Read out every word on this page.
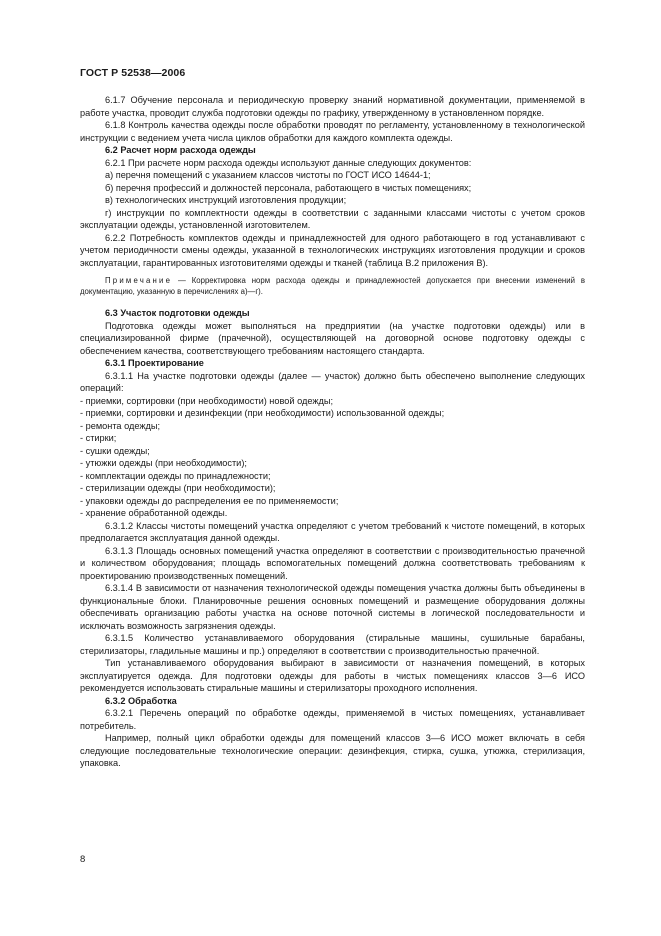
ГОСТ Р 52538—2006

6.1.7 Обучение персонала и периодическую проверку знаний нормативной документации, применяемой в работе участка, проводит служба подготовки одежды по графику, утвержденному в установленном порядке.

6.1.8 Контроль качества одежды после обработки проводят по регламенту, установленному в технологической инструкции с ведением учета числа циклов обработки для каждого комплекта одежды.

6.2 Расчет норм расхода одежды

6.2.1 При расчете норм расхода одежды используют данные следующих документов:

а) перечня помещений с указанием классов чистоты по ГОСТ ИСО 14644-1;

б) перечня профессий и должностей персонала, работающего в чистых помещениях;

в) технологических инструкций изготовления продукции;

г) инструкции по комплектности одежды в соответствии с заданными классами чистоты с учетом сроков эксплуатации одежды, установленной изготовителем.

6.2.2 Потребность комплектов одежды и принадлежностей для одного работающего в год устанавливают с учетом периодичности смены одежды, указанной в технологических инструкциях изготовления продукции и сроков эксплуатации, гарантированных изготовителями одежды и тканей (таблица В.2 приложения В).

Примечание — Корректировка норм расхода одежды и принадлежностей допускается при внесении изменений в документацию, указанную в перечислениях а)—г).

6.3 Участок подготовки одежды

Подготовка одежды может выполняться на предприятии (на участке подготовки одежды) или в специализированной фирме (прачечной), осуществляющей на договорной основе подготовку одежды с обеспечением качества, соответствующего требованиям настоящего стандарта.

6.3.1 Проектирование

6.3.1.1 На участке подготовки одежды (далее — участок) должно быть обеспечено выполнение следующих операций:

- приемки, сортировки (при необходимости) новой одежды;

- приемки, сортировки и дезинфекции (при необходимости) использованной одежды;

- ремонта одежды;

- стирки;

- сушки одежды;

- утюжки одежды (при необходимости);

- комплектации одежды по принадлежности;

- стерилизации одежды (при необходимости);

- упаковки одежды до распределения ее по применяемости;

- хранение обработанной одежды.

6.3.1.2 Классы чистоты помещений участка определяют с учетом требований к чистоте помещений, в которых предполагается эксплуатация данной одежды.

6.3.1.3 Площадь основных помещений участка определяют в соответствии с производительностью прачечной и количеством оборудования; площадь вспомогательных помещений должна соответствовать требованиям к проектированию производственных помещений.

6.3.1.4 В зависимости от назначения технологической одежды помещения участка должны быть объединены в функциональные блоки. Планировочные решения основных помещений и размещение оборудования должны обеспечивать организацию работы участка на основе поточной системы в логической последовательности и исключать возможность загрязнения одежды.

6.3.1.5 Количество устанавливаемого оборудования (стиральные машины, сушильные барабаны, стерилизаторы, гладильные машины и пр.) определяют в соответствии с производительностью прачечной.

Тип устанавливаемого оборудования выбирают в зависимости от назначения помещений, в которых эксплуатируется одежда. Для подготовки одежды для работы в чистых помещениях классов 3—6 ИСО рекомендуется использовать стиральные машины и стерилизаторы проходного исполнения.

6.3.2 Обработка

6.3.2.1 Перечень операций по обработке одежды, применяемой в чистых помещениях, устанавливает потребитель.

Например, полный цикл обработки одежды для помещений классов 3—6 ИСО может включать в себя следующие последовательные технологические операции: дезинфекция, стирка, сушка, утюжка, стерилизация, упаковка.

8
